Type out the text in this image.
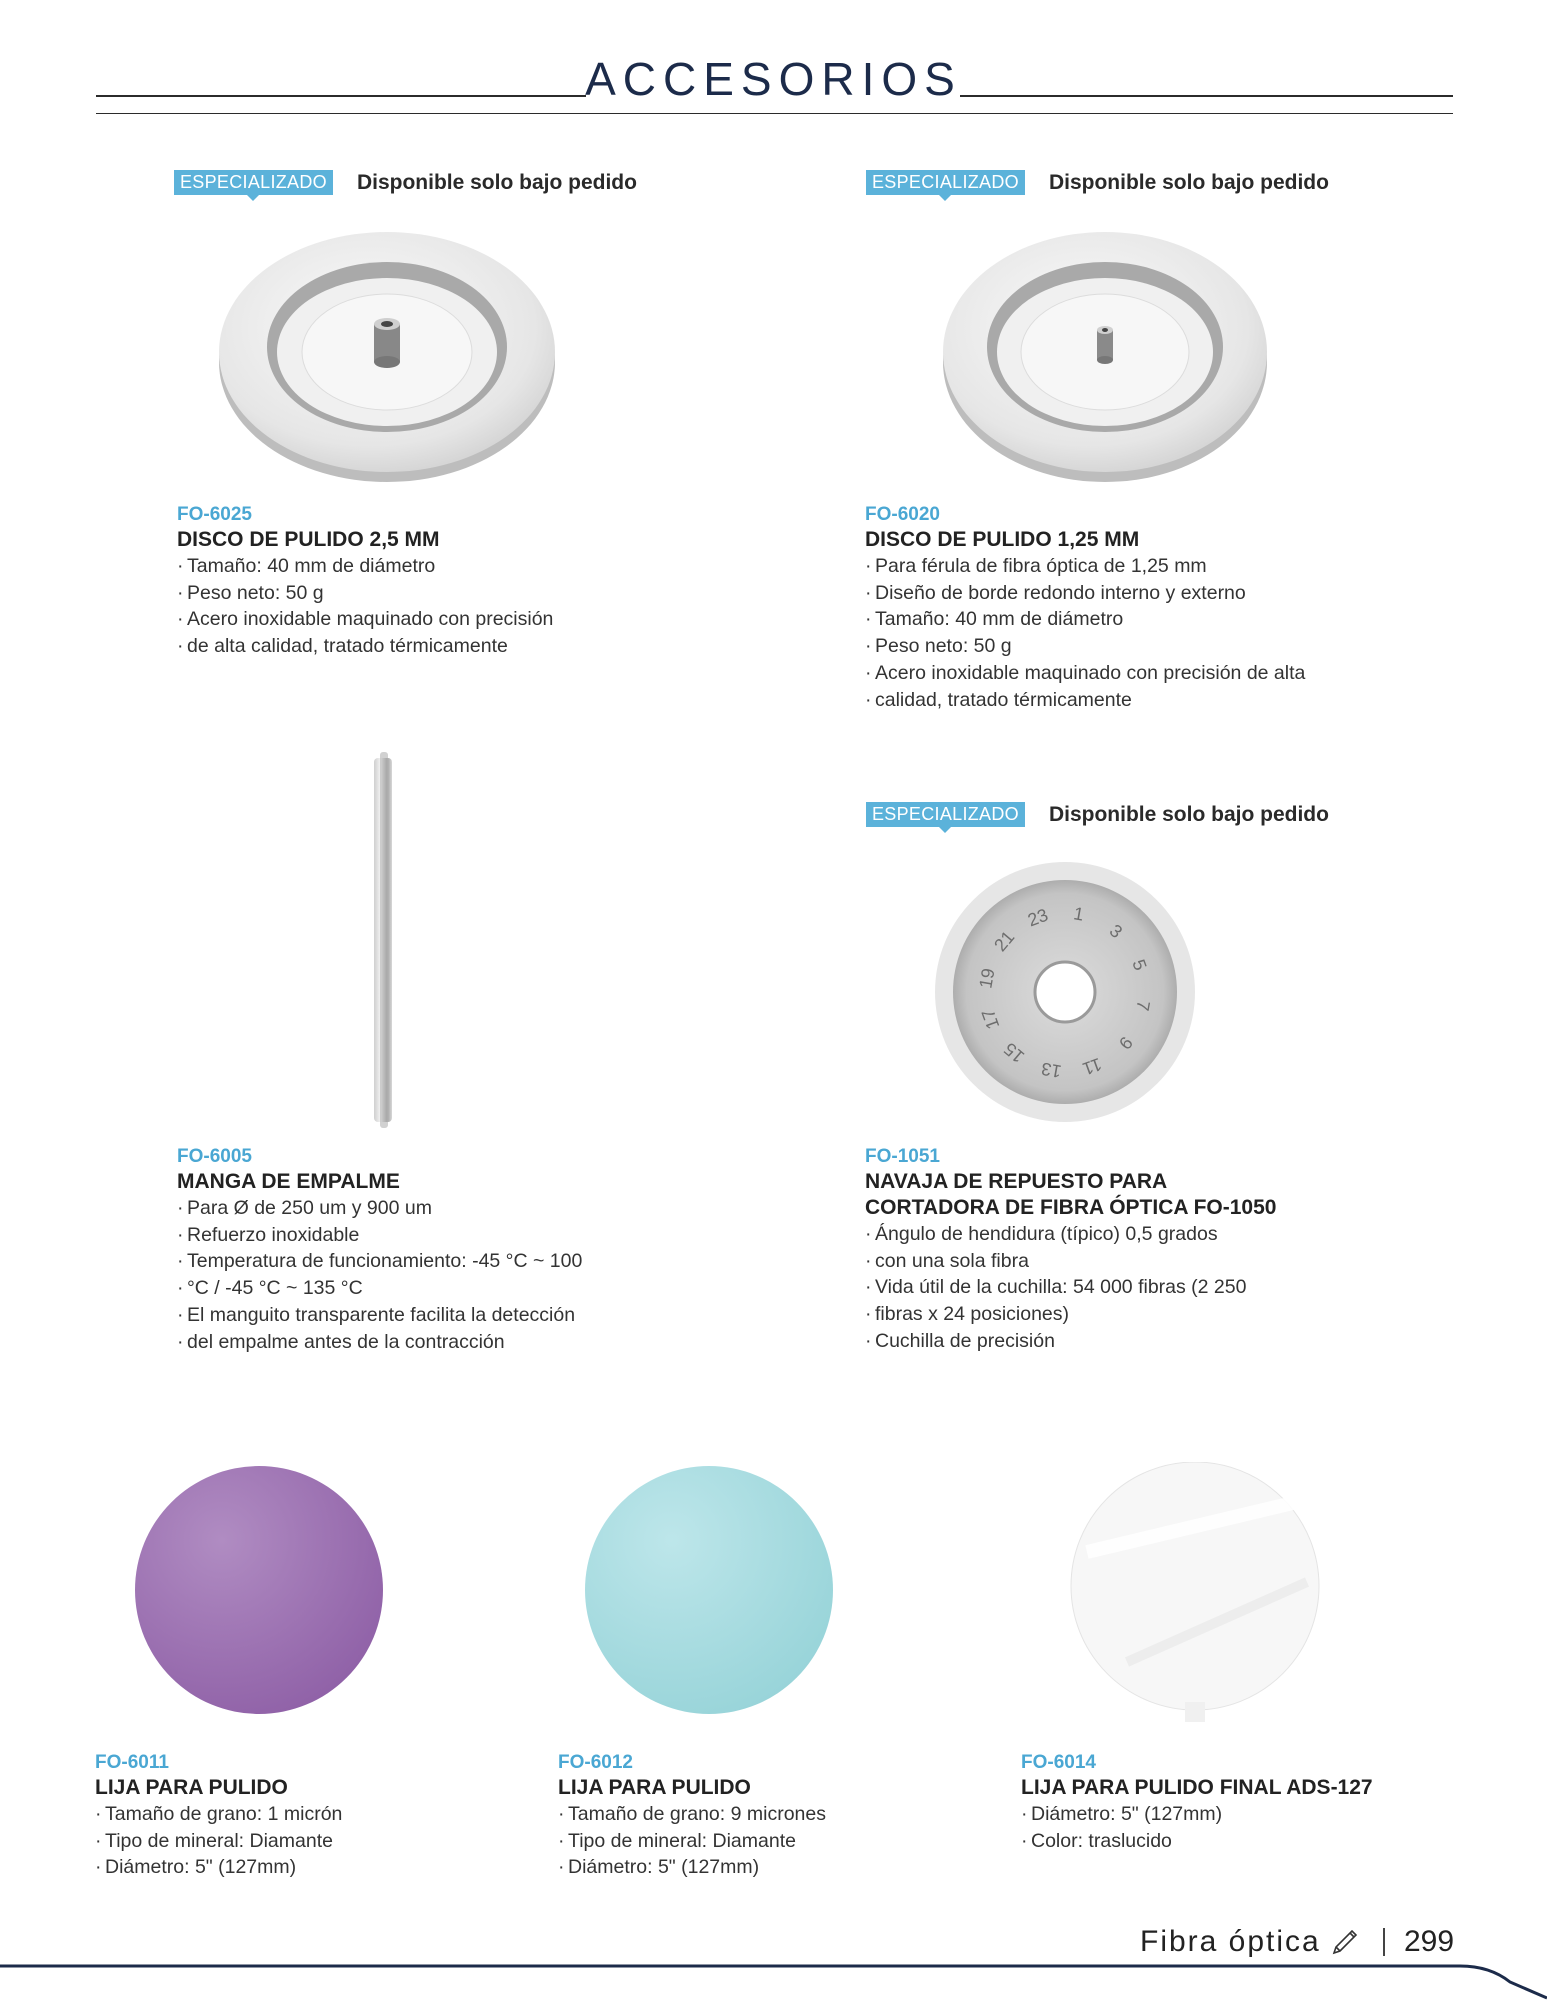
ACCESORIOS
ESPECIALIZADO Disponible solo bajo pedido	ESPECIALIZADO Disponible solo bajo pedido
ESPECIALIZADO Disponible solo bajo pedido
1
3
5
7
9
11
13
15
17
19
21
23
FO-6025
DISCO DE PULIDO 2,5 MM
· Tamaño: 40 mm de diámetro
· Peso neto: 50 g
· Acero inoxidable maquinado con precisión
· de alta calidad, tratado térmicamente
FO-6020
DISCO DE PULIDO 1,25 MM
· Para férula de fibra óptica de 1,25 mm
· Diseño de borde redondo interno y externo
· Tamaño: 40 mm de diámetro
· Peso neto: 50 g
· Acero inoxidable maquinado con precisión de alta
· calidad, tratado térmicamente
FO-6005
MANGA DE EMPALME
· Para Ø de 250 um y 900 um
· Refuerzo inoxidable
· Temperatura de funcionamiento: -45 °C ~ 100
· °C / -45 °C ~ 135 °C
· El manguito transparente facilita la detección
· del empalme antes de la contracción
FO-1051
NAVAJA DE REPUESTO PARA
CORTADORA DE FIBRA ÓPTICA FO-1050
· Ángulo de hendidura (típico) 0,5 grados
· con una sola fibra
· Vida útil de la cuchilla: 54 000 fibras (2 250
· fibras x 24 posiciones)
· Cuchilla de precisión
FO-6011
LIJA PARA PULIDO
· Tamaño de grano: 1 micrón
· Tipo de mineral: Diamante
· Diámetro: 5" (127mm)
FO-6012
LIJA PARA PULIDO
· Tamaño de grano: 9 micrones
· Tipo de mineral: Diamante
· Diámetro: 5" (127mm)
FO-6014
LIJA PARA PULIDO FINAL ADS-127
· Diámetro: 5" (127mm)
· Color: traslucido
Fibra óptica	299
